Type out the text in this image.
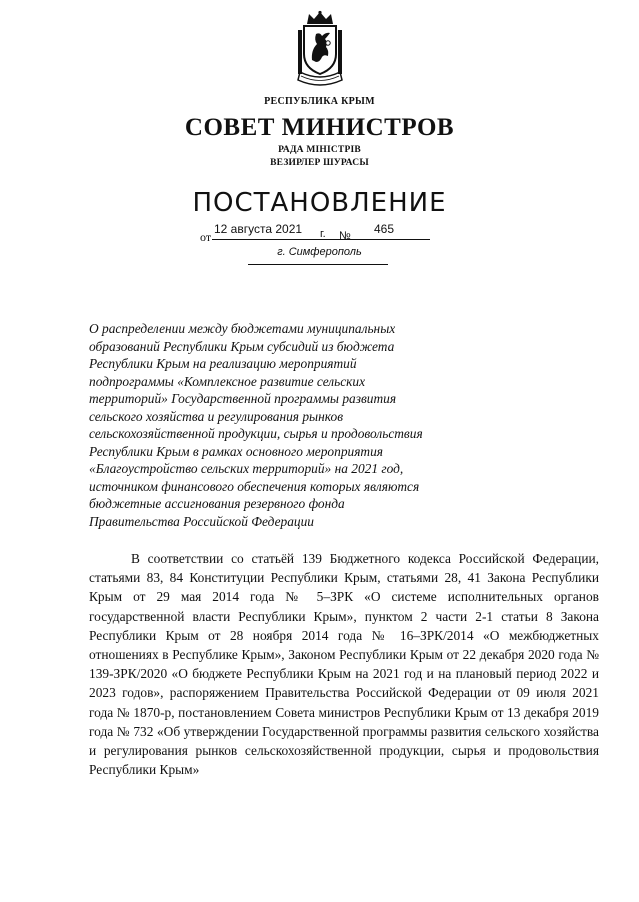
РЕСПУБЛИКА КРЫМ
СОВЕТ МИНИСТРОВ
РАДА МІНІСТРІВ
ВЕЗИРЛЕР ШУРАСЫ
ПОСТАНОВЛЕНИЕ
от
12 августа 2021 г. № 465
г. Симферополь
О распределении между бюджетами муниципальных
образований Республики Крым субсидий из бюджета
Республики Крым на реализацию мероприятий
подпрограммы «Комплексное развитие сельских
территорий» Государственной программы развития
сельского хозяйства и регулирования рынков
сельскохозяйственной продукции, сырья и продовольствия
Республики Крым в рамках основного мероприятия
«Благоустройство сельских территорий» на 2021 год,
источником финансового обеспечения которых являются
бюджетные ассигнования резервного фонда
Правительства Российской Федерации
В соответствии со статьёй 139 Бюджетного кодекса Российской Федерации, статьями 83, 84 Конституции Республики Крым, статьями 28, 41 Закона Республики Крым от 29 мая 2014 года № 5–ЗРК «О системе исполнительных органов государственной власти Республики Крым», пунктом 2 части 2-1 статьи 8 Закона Республики Крым от 28 ноября 2014 года № 16–ЗРК/2014 «О межбюджетных отношениях в Республике Крым», Законом Республики Крым от 22 декабря 2020 года № 139-ЗРК/2020 «О бюджете Республики Крым на 2021 год и на плановый период 2022 и 2023 годов», распоряжением Правительства Российской Федерации от 09 июля 2021 года № 1870-р, постановлением Совета министров Республики Крым от 13 декабря 2019 года № 732 «Об утверждении Государственной программы развития сельского хозяйства и регулирования рынков сельскохозяйственной продукции, сырья и продовольствия Республики Крым»
